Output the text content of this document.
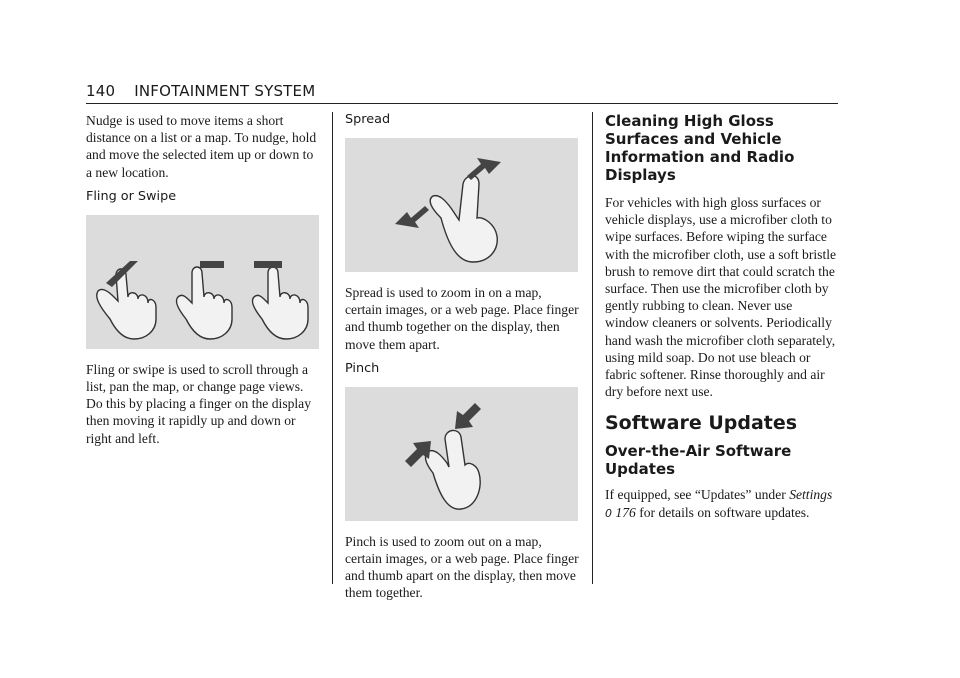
140 INFOTAINMENT SYSTEM

Nudge is used to move items a short distance on a list or a map. To nudge, hold and move the selected item up or down to a new location.

Fling or Swipe

Fling or swipe is used to scroll through a list, pan the map, or change page views. Do this by placing a finger on the display then moving it rapidly up and down or right and left.

Spread

Spread is used to zoom in on a map, certain images, or a web page. Place finger and thumb together on the display, then move them apart.

Pinch

Pinch is used to zoom out on a map, certain images, or a web page. Place finger and thumb apart on the display, then move them together.

Cleaning High Gloss Surfaces and Vehicle Information and Radio Displays

For vehicles with high gloss surfaces or vehicle displays, use a microfiber cloth to wipe surfaces. Before wiping the surface with the microfiber cloth, use a soft bristle brush to remove dirt that could scratch the surface. Then use the microfiber cloth by gently rubbing to clean. Never use window cleaners or solvents. Periodically hand wash the microfiber cloth separately, using mild soap. Do not use bleach or fabric softener. Rinse thoroughly and air dry before next use.

Software Updates
Over-the-Air Software Updates

If equipped, see “Updates” under Settings 0 176 for details on software updates.
